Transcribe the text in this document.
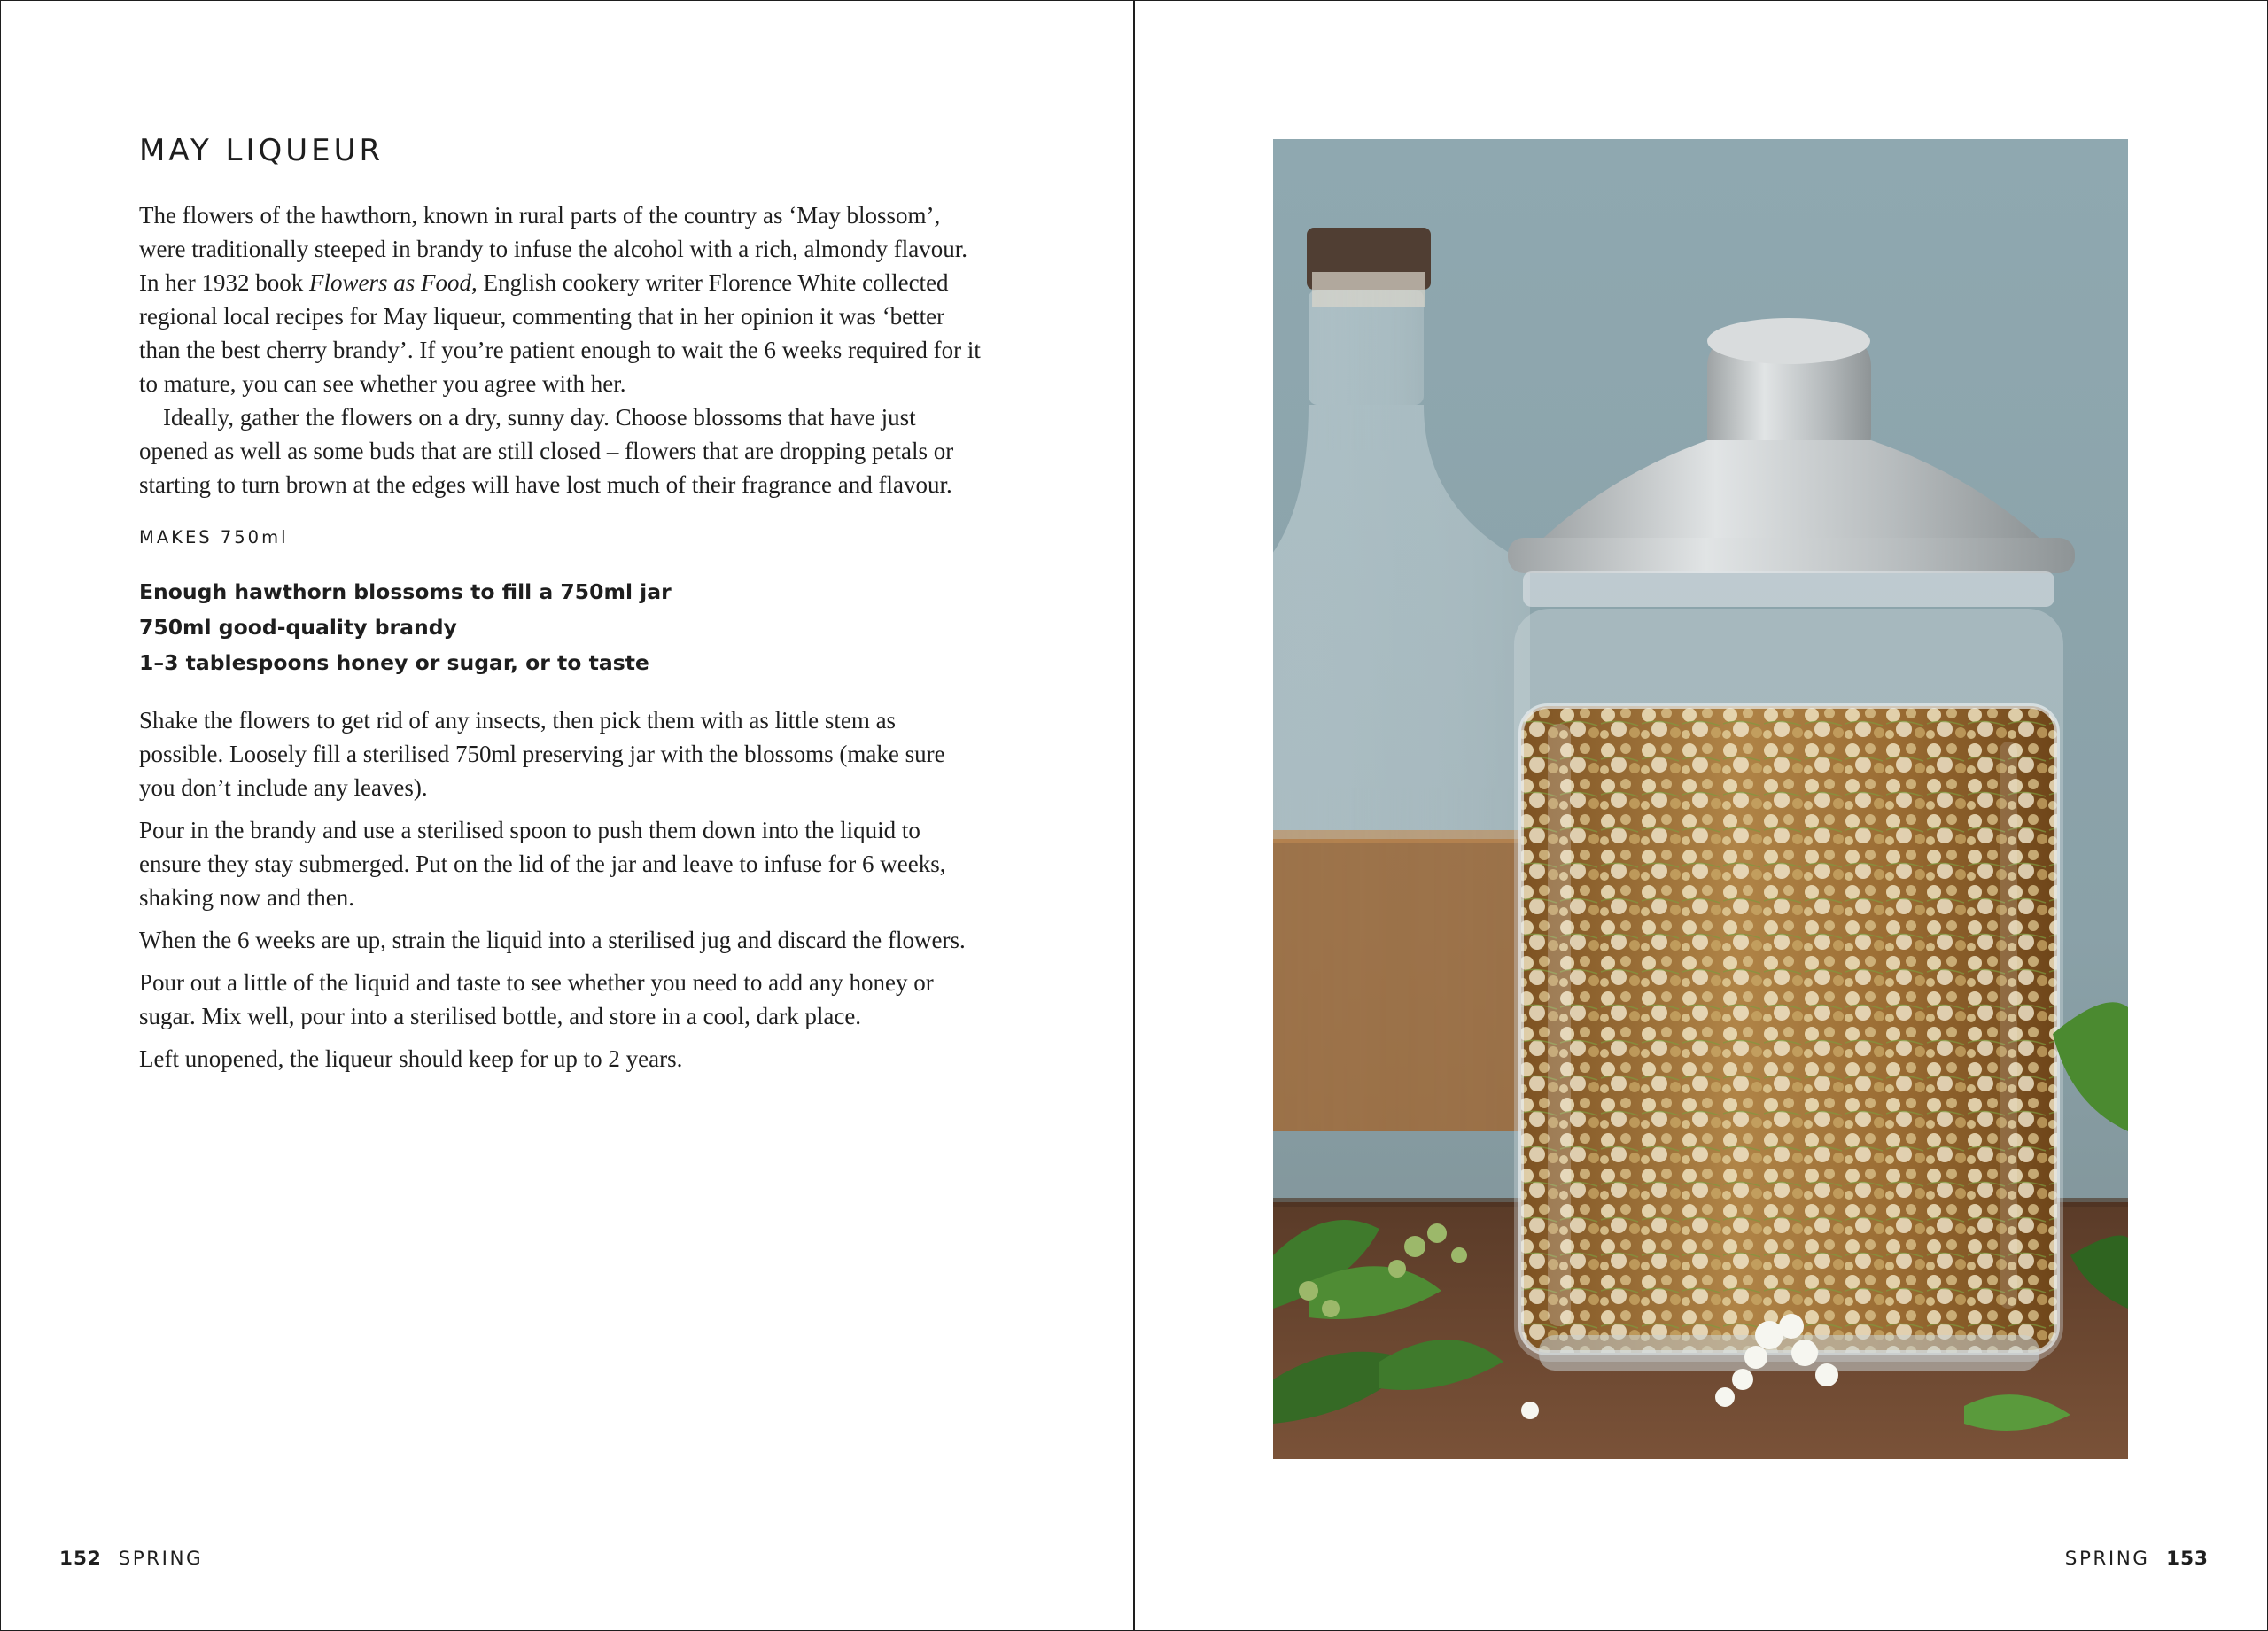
MAY LIQUEUR

The flowers of the hawthorn, known in rural parts of the country as ‘May blossom’, were traditionally steeped in brandy to infuse the alcohol with a rich, almondy flavour. In her 1932 book Flowers as Food, English cookery writer Florence White collected regional local recipes for May liqueur, commenting that in her opinion it was ‘better than the best cherry brandy’. If you’re patient enough to wait the 6 weeks required for it to mature, you can see whether you agree with her.

Ideally, gather the flowers on a dry, sunny day. Choose blossoms that have just opened as well as some buds that are still closed – flowers that are dropping petals or starting to turn brown at the edges will have lost much of their fragrance and flavour.

MAKES 750ml
Enough hawthorn blossoms to fill a 750ml jar
750ml good-quality brandy
1–3 tablespoons honey or sugar, or to taste

Shake the flowers to get rid of any insects, then pick them with as little stem as possible. Loosely fill a sterilised 750ml preserving jar with the blossoms (make sure you don’t include any leaves).

Pour in the brandy and use a sterilised spoon to push them down into the liquid to ensure they stay submerged. Put on the lid of the jar and leave to infuse for 6 weeks, shaking now and then.

When the 6 weeks are up, strain the liquid into a sterilised jug and discard the flowers.

Pour out a little of the liquid and taste to see whether you need to add any honey or sugar. Mix well, pour into a sterilised bottle, and store in a cool, dark place.

Left unopened, the liqueur should keep for up to 2 years.

152 SPRING	SPRING 153
